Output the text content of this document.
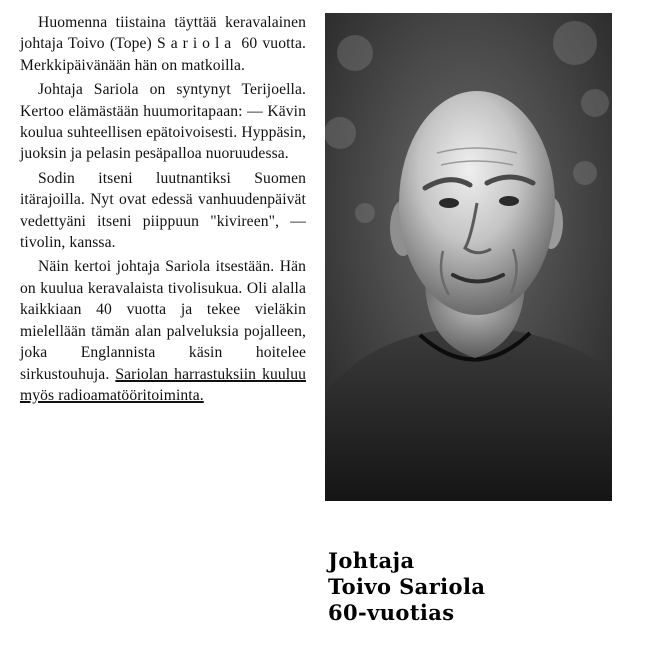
Huomenna tiistaina täyttää keravalainen johtaja Toivo (Tope) Sariola 60 vuotta. Merkkipäivänään hän on matkoilla.

Johtaja Sariola on syntynyt Terijoella. Kertoo elämästään huumoritapaan: — Kävin koulua suhteellisen epätoivoisesti. Hyppäsin, juoksin ja pelasin pesäpalloa nuoruudessa.

Sodin itseni luutnantiksi Suomen itärajoilla. Nyt ovat edessä vanhuudenpäivät vedettyäni itseni piippuun "kivireen", — tivolin, kanssa.

Näin kertoi johtaja Sariola itsestään. Hän on kuulua keravalaista tivolisukua. Oli alalla kaikkiaan 40 vuotta ja tekee vieläkin mielellään tämän alan palveluksia pojalleen, joka Englannista käsin hoitelee sirkustouhuja. Sariolan harrastuksiin kuuluu myös radioamatööritoiminta.

Johtaja
Toivo Sariola
60-vuotias
